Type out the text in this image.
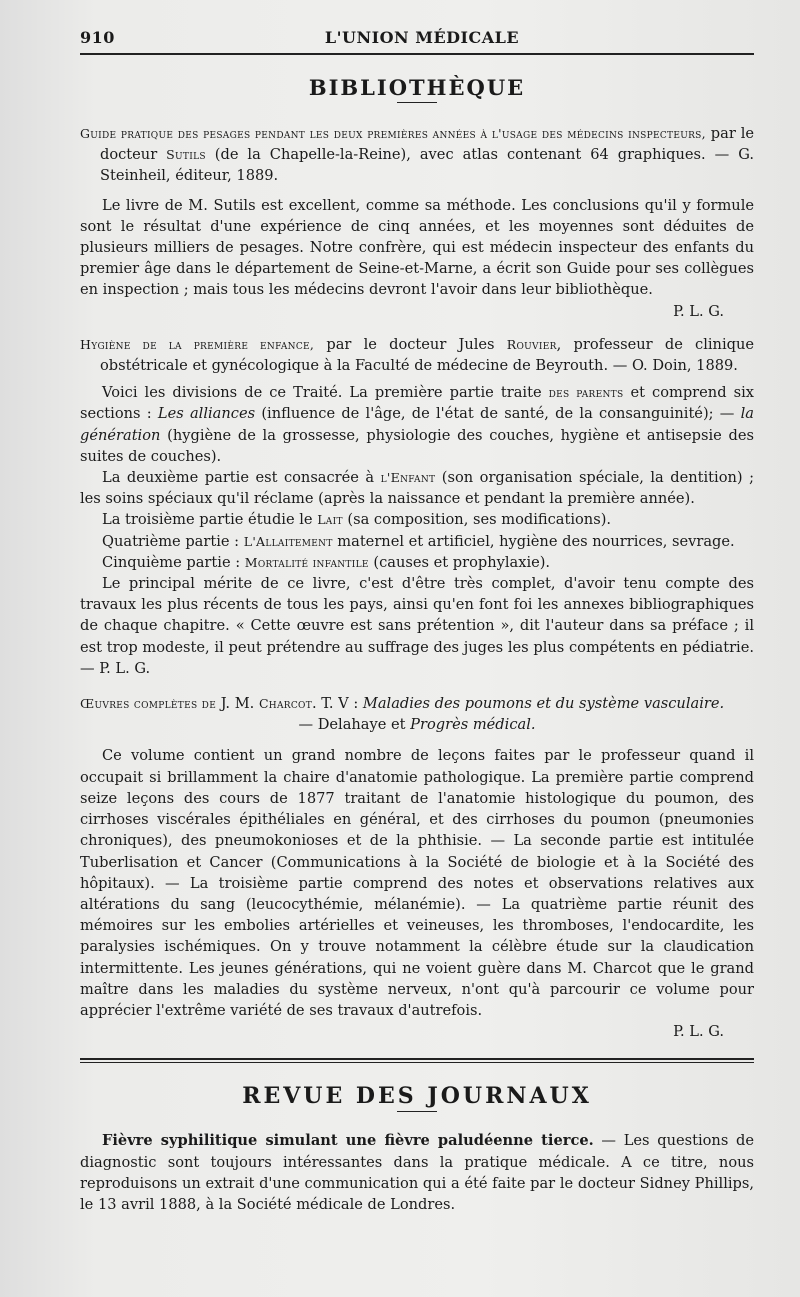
910	L'UNION MÉDICALE
BIBLIOTHÈQUE

Guide pratique des pesages pendant les deux premières années à l'usage des médecins inspecteurs, par le docteur Sutils (de la Chapelle-la-Reine), avec atlas contenant 64 graphiques. — G. Steinheil, éditeur, 1889.

Le livre de M. Sutils est excellent, comme sa méthode. Les conclusions qu'il y formule sont le résultat d'une expérience de cinq années, et les moyennes sont déduites de plusieurs milliers de pesages. Notre confrère, qui est médecin inspecteur des enfants du premier âge dans le département de Seine-et-Marne, a écrit son Guide pour ses collègues en inspection ; mais tous les médecins devront l'avoir dans leur bibliothèque.

P. L. G.

Hygiène de la première enfance, par le docteur Jules Rouvier, professeur de clinique obstétricale et gynécologique à la Faculté de médecine de Beyrouth. — O. Doin, 1889.

Voici les divisions de ce Traité. La première partie traite des parents et comprend six sections : Les alliances (influence de l'âge, de l'état de santé, de la consanguinité); — la génération (hygiène de la grossesse, physiologie des couches, hygiène et antisepsie des suites de couches).

La deuxième partie est consacrée à l'Enfant (son organisation spéciale, la dentition) ; les soins spéciaux qu'il réclame (après la naissance et pendant la première année).

La troisième partie étudie le Lait (sa composition, ses modifications).

Quatrième partie : L'Allaitement maternel et artificiel, hygiène des nourrices, sevrage.

Cinquième partie : Mortalité infantile (causes et prophylaxie).

Le principal mérite de ce livre, c'est d'être très complet, d'avoir tenu compte des travaux les plus récents de tous les pays, ainsi qu'en font foi les annexes bibliographiques de chaque chapitre. « Cette œuvre est sans prétention », dit l'auteur dans sa préface ; il est trop modeste, il peut prétendre au suffrage des juges les plus compétents en pédiatrie. — P. L. G.

Œuvres complètes de J. M. Charcot. T. V : Maladies des poumons et du système vasculaire.

— Delahaye et Progrès médical.

Ce volume contient un grand nombre de leçons faites par le professeur quand il occupait si brillamment la chaire d'anatomie pathologique. La première partie comprend seize leçons des cours de 1877 traitant de l'anatomie histologique du poumon, des cirrhoses viscérales épithéliales en général, et des cirrhoses du poumon (pneumonies chroniques), des pneumokonioses et de la phthisie. — La seconde partie est intitulée Tuberlisation et Cancer (Communications à la Société de biologie et à la Société des hôpitaux). — La troisième partie comprend des notes et observations relatives aux altérations du sang (leucocythémie, mélanémie). — La quatrième partie réunit des mémoires sur les embolies artérielles et veineuses, les thromboses, l'endocardite, les paralysies ischémiques. On y trouve notamment la célèbre étude sur la claudication intermittente. Les jeunes générations, qui ne voient guère dans M. Charcot que le grand maître dans les maladies du système nerveux, n'ont qu'à parcourir ce volume pour apprécier l'extrême variété de ses travaux d'autrefois.

P. L. G.

REVUE DES JOURNAUX

Fièvre syphilitique simulant une fièvre paludéenne tierce. — Les questions de diagnostic sont toujours intéressantes dans la pratique médicale. A ce titre, nous reproduisons un extrait d'une communication qui a été faite par le docteur Sidney Phillips, le 13 avril 1888, à la Société médicale de Londres.
